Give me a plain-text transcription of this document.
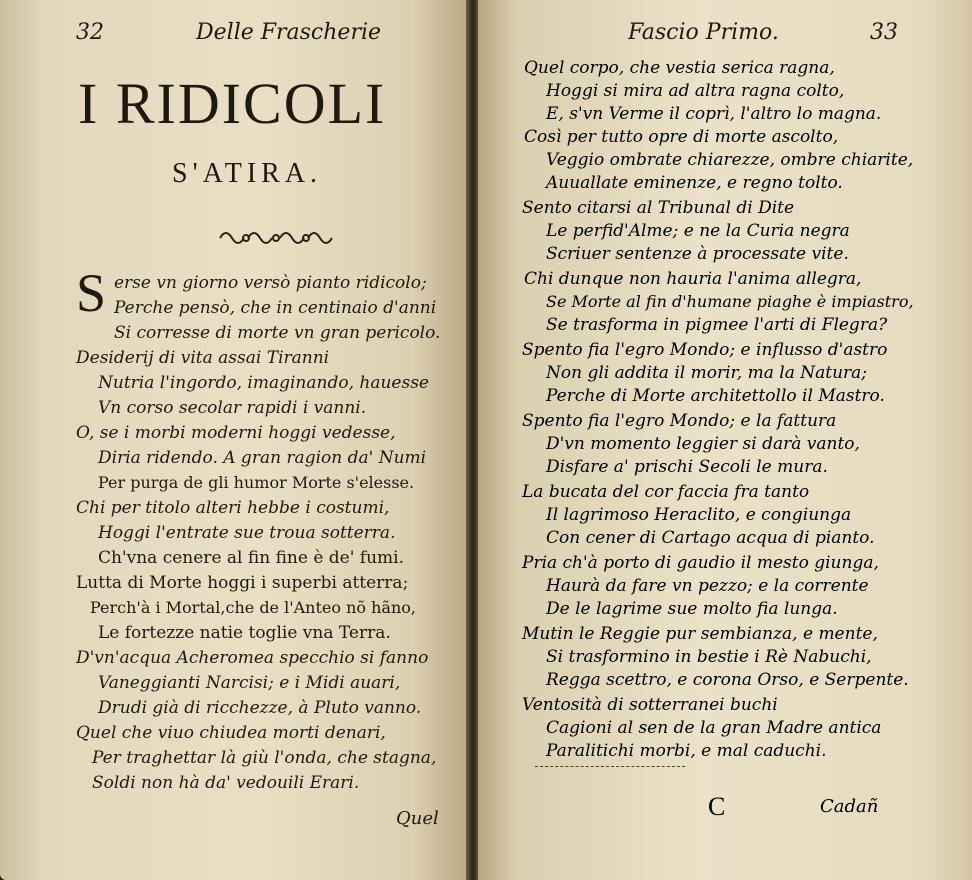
32	Delle Frascherie
I RIDICOLI
S'ATIRA.
S erse vn giorno versò pianto ridicolo;
Perche pensò, che in centinaio d'anni
Si corresse di morte vn gran pericolo.
Desiderij di vita assai Tiranni
Nutria l'ingordo, imaginando, hauesse
Vn corso secolar rapidi i vanni.
O, se i morbi moderni hoggi vedesse,
Diria ridendo. A gran ragion da' Numi
Per purga de gli humor Morte s'elesse.
Chi per titolo alteri hebbe i costumi,
Hoggi l'entrate sue troua sotterra.
Ch'vna cenere al fin fine è de' fumi.
Lutta di Morte hoggi i superbi atterra;
Perch'à i Mortal,che de l'Anteo nõ hãno,
Le fortezze natie toglie vna Terra.
D'vn'acqua Acheromea specchio si fanno
Vaneggianti Narcisi; e i Midi auari,
Drudi già di ricchezze, à Pluto vanno.
Quel che viuo chiudea morti denari,
Per traghettar là giù l'onda, che stagna,
Soldi non hà da' vedouili Erari.
Quel
Fascio Primo.	33
Quel corpo, che vestia serica ragna,
Hoggi si mira ad altra ragna colto,
E, s'vn Verme il coprì, l'altro lo magna.
Così per tutto opre di morte ascolto,
Veggio ombrate chiarezze, ombre chiarite,
Auuallate eminenze, e regno tolto.
Sento citarsi al Tribunal di Dite
Le perfid'Alme; e ne la Curia negra
Scriuer sentenze à processate vite.
Chi dunque non hauria l'anima allegra,
Se Morte al fin d'humane piaghe è impiastro,
Se trasforma in pigmee l'arti di Flegra?
Spento fia l'egro Mondo; e influsso d'astro
Non gli addita il morir, ma la Natura;
Perche di Morte architettollo il Mastro.
Spento fia l'egro Mondo; e la fattura
D'vn momento leggier si darà vanto,
Disfare a' prischi Secoli le mura.
La bucata del cor faccia fra tanto
Il lagrimoso Heraclito, e congiunga
Con cener di Cartago acqua di pianto.
Pria ch'à porto di gaudio il mesto giunga,
Haurà da fare vn pezzo; e la corrente
De le lagrime sue molto fia lunga.
Mutin le Reggie pur sembianza, e mente,
Si trasformino in bestie i Rè Nabuchi,
Regga scettro, e corona Orso, e Serpente.
Ventosità di sotterranei buchi
Cagioni al sen de la gran Madre antica
Paralitichi morbi, e mal caduchi.
C	Cadañ
